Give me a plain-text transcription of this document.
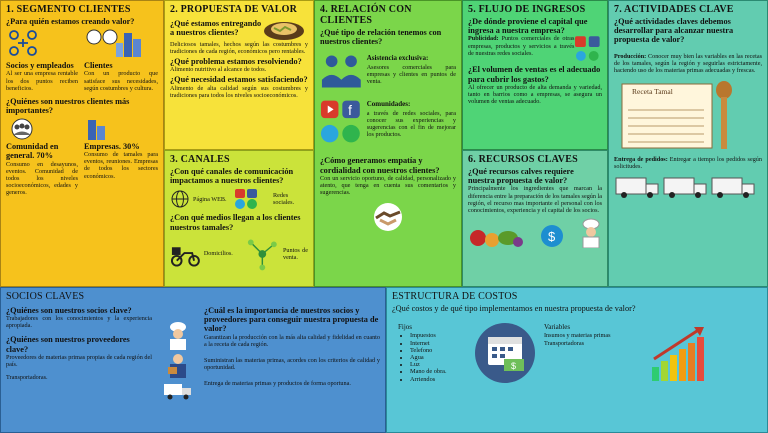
1. SEGMENTO CLIENTES
¿Para quién estamos creando valor?
Socios y empleados
Al ser una empresa rentable los dos puntos reciben beneficios.
Clientes
Con un producto que satisface sus necesidades, según costumbres y cultura.
¿Quiénes son nuestros clientes más importantes?
Comunidad en general. 70%
Consumo en desayunos, eventos. Comunidad de todos los niveles socioeconómicos, edades y generos.
Empresas. 30%
Consumo de tamales para eventos, reuniones. Empresas de todos los sectores económicos.
2. PROPUESTA DE VALOR
¿Qué estamos entregando a nuestros clientes?
Deliciosos tamales, hechos según las costumbres y tradiciones de cada región, económicos pero rentables.
¿Qué problema estamos resolviendo?
Alimento nutritivo al alcance de todos.
¿Qué necesidad estamos satisfaciendo?
Alimento de alta calidad según sus costumbres y tradiciones para todos los niveles socioeconómicos.
3. CANALES
¿Con qué canales de comunicación impactamos a nuestros clientes?
Página WEB.
Redes sociales.
¿Con qué medios llegan a los clientes nuestros tamales?
Domicilios.
Puntos de venta.
4. RELACIÓN CON CLIENTES
¿Qué tipo de relación tenemos con nuestros clientes?
Asistencia exclusiva:
Asesores comerciales para empresas y clientes en puntos de venta.
f Comunidades:
a través de redes sociales, para conocer sus experiencias y sugerencias con el fin de mejorar los productos.
¿Cómo generamos empatía y cordialidad con nuestros clientes?
Con un servicio oportuno, de calidad, personalizado y atento, que tenga en cuenta sus comentarios y sugerencias.
5. FLUJO DE INGRESOS
¿De dónde proviene el capital que ingresa a nuestra empresa?
Publicidad: Puntos comerciales de otras empresas, productos y servicios a través de nuestras redes sociales.
¿El volumen de ventas es el adecuado para cubrir los gastos?
Al ofrecer un producto de alta demanda y variedad, tanto en barrios como a empresas, se asegura un volumen de ventas adecuado.
6. RECURSOS CLAVES
¿Qué recursos calves requiere nuestra propuesta de valor?
Principalmente los ingredientes que marcan la diferencia entre la preparación de los tamales según la región, el recurso mas importante el personal con los conocimientos, experiencia y el capital de los socios.
$
7. ACTIVIDADES CLAVE
¿Qué actividades claves debemos desarrollar para alcanzar nuestra propuesta de valor?
Producción: Conocer muy bien las variables en las recetas de los tamales, según la región y seguirlas estrictamente, haciendo uso de los materias primas adecuadas y frescas.
Receta Tamal
Entrega de pedidos: Entregar a tiempo los pedidos según solicitudes.
SOCIOS CLAVES
¿Quiénes son nuestros socios clave?
Trabajadores con los conocimientos y la experiencia apropiada.
¿Quiénes son nuestros proveedores clave?
Proveedores de materias primas propias de cada región del país.
Transportadoras.
¿Cuál es la importancia de nuestros socios y proveedores para conseguir nuestra propuesta de valor?
Garantizan la producción con la más alta calidad y fidelidad en cuanto a la receta de cada región.
Suministran las materias primas, acordes con los criterios de calidad y oportunidad.
Entrega de materias primas y productos de forma oportuna.
ESTRUCTURA DE COSTOS
¿Qué costos y de qué tipo implementamos en nuestra propuesta de valor?
Fijos
• Impuestos
• Internet
• Telefono
• Agua
• Luz
• Mano de obra.
• Arriendos
$
Variables
Insumos y materias primas Transportadoras
